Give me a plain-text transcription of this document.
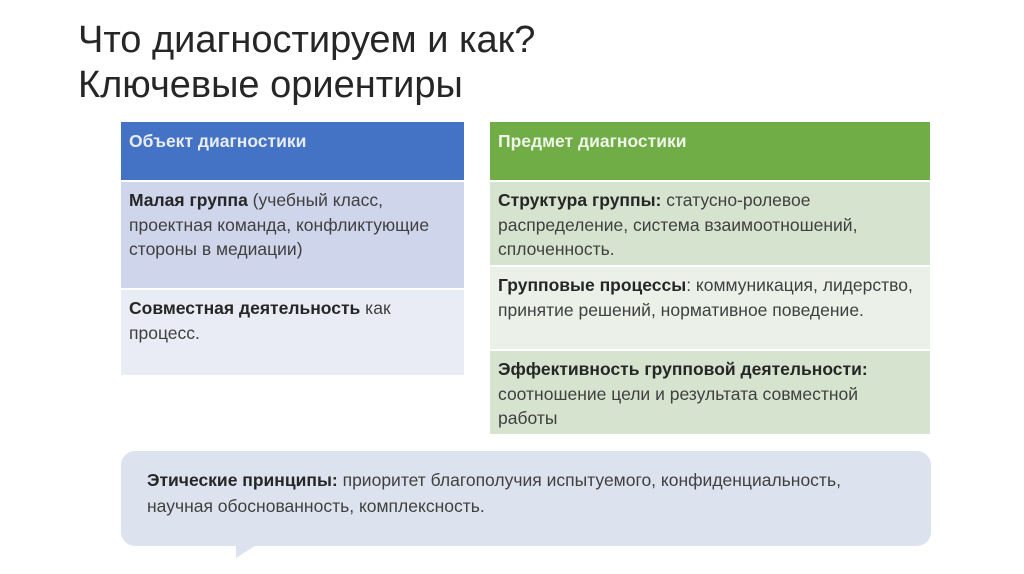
Что диагностируем и как?
Ключевые ориентиры
Объект диагностики
Малая группа (учебный класс, проектная команда, конфликтующие стороны в медиации)
Совместная деятельность как процесс.
Предмет диагностики
Структура группы: статусно-ролевое распределение, система взаимоотношений, сплоченность.
Групповые процессы: коммуникация, лидерство, принятие решений, нормативное поведение.
Эффективность групповой деятельности: соотношение цели и результата совместной работы
Этические принципы: приоритет благополучия испытуемого, конфиденциальность, научная обоснованность, комплексность.
